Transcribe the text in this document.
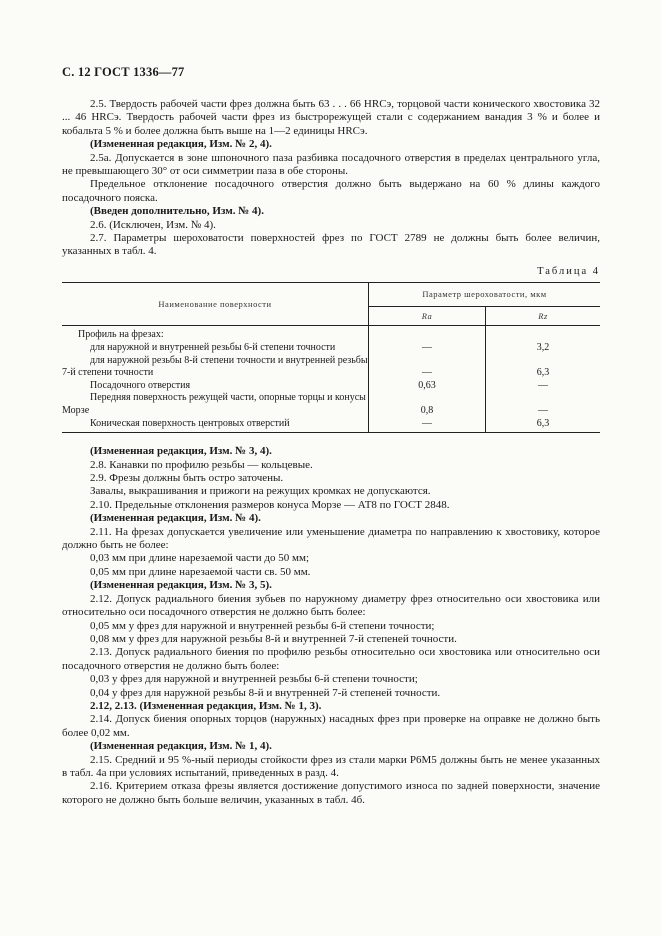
С. 12 ГОСТ 1336—77

2.5. Твердость рабочей части фрез должна быть 63 . . . 66 HRCэ, торцовой части конического хвостовика 32 ... 46 HRCэ. Твердость рабочей части фрез из быстрорежущей стали с содержанием ванадия 3 % и более и кобальта 5 % и более должна быть выше на 1—2 единицы HRCэ.

(Измененная редакция, Изм. № 2, 4).

2.5а. Допускается в зоне шпоночного паза разбивка посадочного отверстия в пределах центрального угла, не превышающего 30° от оси симметрии паза в обе стороны.

Предельное отклонение посадочного отверстия должно быть выдержано на 60 % длины каждого посадочного пояска.

(Введен дополнительно, Изм. № 4).

2.6. (Исключен, Изм. № 4).

2.7. Параметры шероховатости поверхностей фрез по ГОСТ 2789 не должны быть более величин, указанных в табл. 4.

Таблица 4
Наименование поверхности	Параметр шероховатости, мкм	
	Ra	Rz
Профиль на фрезах:		
для наружной и внутренней резьбы 6-й степени точности	—	3,2
для наружной резьбы 8-й степени точности и внутренней резьбы 7-й степени точности	—	6,3
Посадочного отверстия	0,63	—
Передняя поверхность режущей части, опорные торцы и конусы Морзе	0,8	—
Коническая поверхность центровых отверстий	—	6,3

(Измененная редакция, Изм. № 3, 4).

2.8. Канавки по профилю резьбы — кольцевые.

2.9. Фрезы должны быть остро заточены.

Завалы, выкрашивания и прижоги на режущих кромках не допускаются.

2.10. Предельные отклонения размеров конуса Морзе — АТ8 по ГОСТ 2848.

(Измененная редакция, Изм. № 4).

2.11. На фрезах допускается увеличение или уменьшение диаметра по направлению к хвостовику, которое должно быть не более:

0,03 мм при длине нарезаемой части до 50 мм;

0,05 мм при длине нарезаемой части св. 50 мм.

(Измененная редакция, Изм. № 3, 5).

2.12. Допуск радиального биения зубьев по наружному диаметру фрез относительно оси хвостовика или относительно оси посадочного отверстия не должно быть более:

0,05 мм у фрез для наружной и внутренней резьбы 6-й степени точности;

0,08 мм у фрез для наружной резьбы 8-й и внутренней 7-й степеней точности.

2.13. Допуск радиального биения по профилю резьбы относительно оси хвостовика или относительно оси посадочного отверстия не должно быть более:

0,03 у фрез для наружной и внутренней резьбы 6-й степени точности;

0,04 у фрез для наружной резьбы 8-й и внутренней 7-й степеней точности.

2.12, 2.13. (Измененная редакция, Изм. № 1, 3).

2.14. Допуск биения опорных торцов (наружных) насадных фрез при проверке на оправке не должно быть более 0,02 мм.

(Измененная редакция, Изм. № 1, 4).

2.15. Средний и 95 %-ный периоды стойкости фрез из стали марки Р6М5 должны быть не менее указанных в табл. 4а при условиях испытаний, приведенных в разд. 4.

2.16. Критерием отказа фрезы является достижение допустимого износа по задней поверхности, значение которого не должно быть больше величин, указанных в табл. 4б.
